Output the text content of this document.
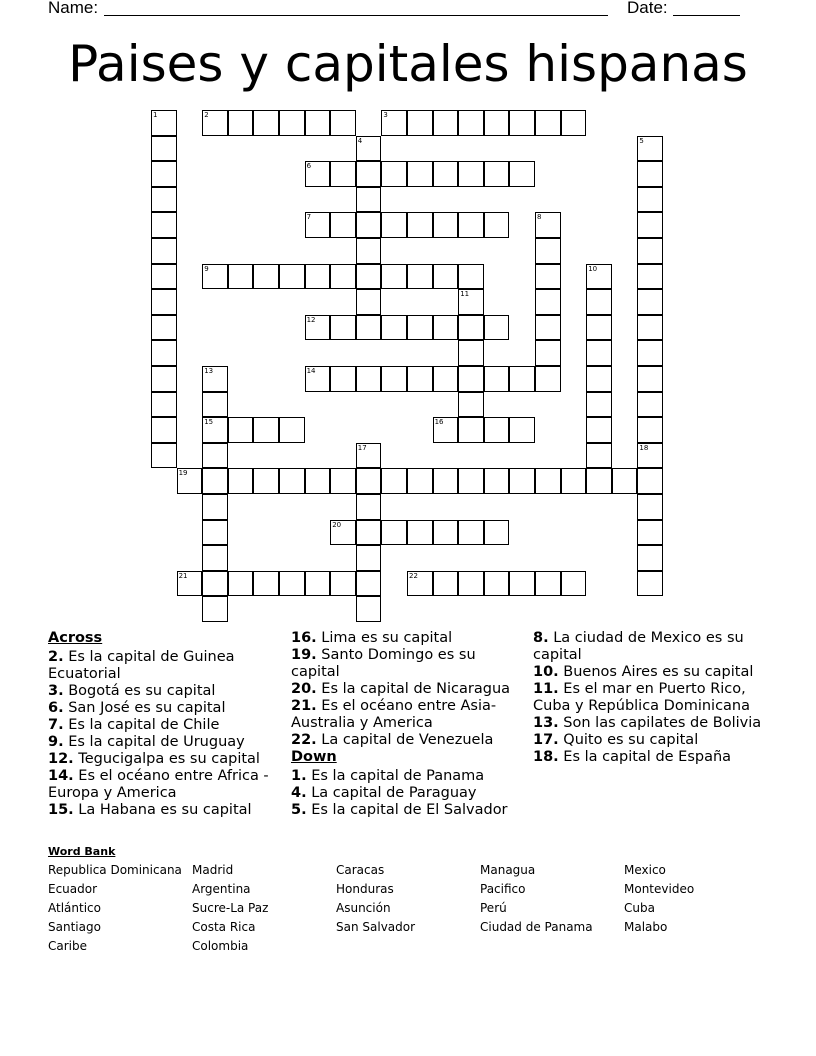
Name:	Date:
Paises y capitales hispanas
1	2	3
4	5
6
7	8
9	10
11
12
13
15
14
16
17	18
19
20
21	22
Across
2. Es la capital de Guinea Ecuatorial
3. Bogotá es su capital
6. San José es su capital
7. Es la capital de Chile
9. Es la capital de Uruguay
12. Tegucigalpa es su capital
14. Es el océano entre Africa -Europa y America
15. La Habana es su capital
16. Lima es su capital
19. Santo Domingo es su capital
20. Es la capital de Nicaragua
21. Es el océano entre Asia-Australia y America
22. La capital de Venezuela
Down
1. Es la capital de Panama
4. La capital de Paraguay
5. Es la capital de El Salvador
8. La ciudad de Mexico es su capital
10. Buenos Aires es su capital
11. Es el mar en Puerto Rico, Cuba y República Dominicana
13. Son las capilates de Bolivia
17. Quito es su capital
18. Es la capital de España
Word Bank
Republica Dominicana
Ecuador
Atlántico
Santiago
Caribe
Madrid
Argentina
Sucre-La Paz
Costa Rica
Colombia
Caracas
Honduras
Asunción
San Salvador
Managua
Pacifico
Perú
Ciudad de Panama
Mexico
Montevideo
Cuba
Malabo
